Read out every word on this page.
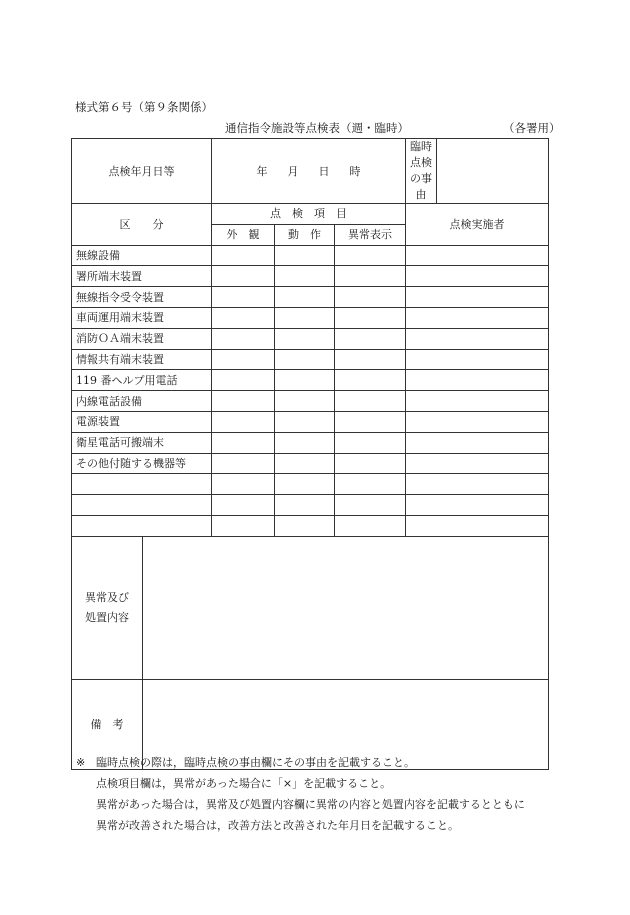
様式第６号（第９条関係）
通信指令施設等点検表（週・臨時）	（各署用）
点検年月日等		年 月 日 時			臨時点検
の事由	

区　　分		点　検　項　目			点検実施者	
		外　観	動　作	異常表示		
無線設備						
署所端末装置						
無線指令受令装置						
車両運用端末装置						
消防ＯＡ端末装置						
情報共有端末装置						
119 番ヘルプ用電話						
内線電話設備						
電源装置						
衛星電話可搬端末						
その他付随する機器等						

異常及び
処置内容						

備　考						
※ 臨時点検の際は，臨時点検の事由欄にその事由を記載すること。
点検項目欄は，異常があった場合に「×」を記載すること。
異常があった場合は，異常及び処置内容欄に異常の内容と処置内容を記載するとともに
異常が改善された場合は，改善方法と改善された年月日を記載すること。
